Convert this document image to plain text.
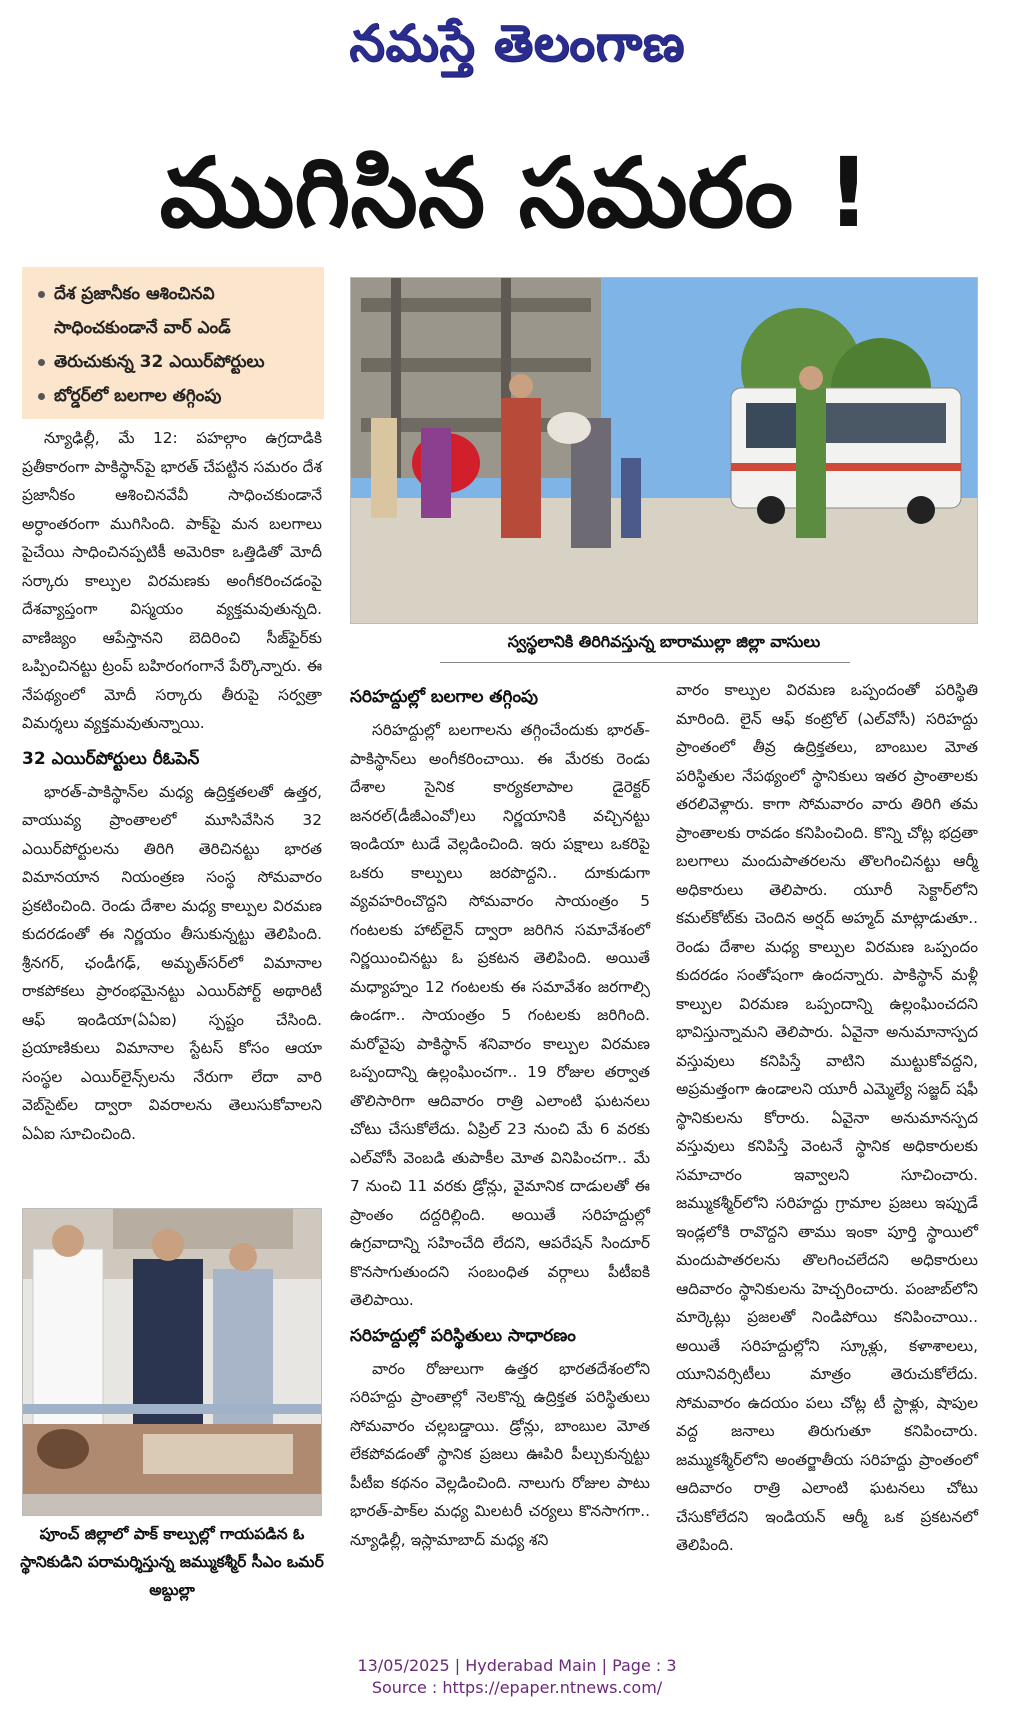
నమస్తే తెలంగాణ
ముగిసిన సమరం !
దేశ ప్రజానీకం ఆశించినవి సాధించకుండానే వార్ ఎండ్
తెరుచుకున్న 32 ఎయిర్‌పోర్టులు
బోర్డర్‌లో బలగాల తగ్గింపు
స్వస్థలానికి తిరిగివస్తున్న బారాముల్లా జిల్లా వాసులు

న్యూఢిల్లీ, మే 12: పహల్గాం ఉగ్రదాడికి ప్రతీకారంగా పాకిస్థాన్‌పై భారత్ చేపట్టిన సమరం దేశ ప్రజానీకం ఆశించినవేవీ సాధించకుండానే అర్ధాంతరంగా ముగిసింది. పాక్‌పై మన బలగాలు పైచేయి సాధించినప్పటికీ అమెరికా ఒత్తిడితో మోదీ సర్కారు కాల్పుల విరమణకు అంగీకరించడంపై దేశవ్యాప్తంగా విస్మయం వ్యక్తమవుతున్నది. వాణిజ్యం ఆపేస్తానని బెదిరించి సీజ్‌ఫైర్‌కు ఒప్పించినట్టు ట్రంప్ బహిరంగంగానే పేర్కొన్నారు. ఈ నేపథ్యంలో మోదీ సర్కారు తీరుపై సర్వత్రా విమర్శలు వ్యక్తమవుతున్నాయి.

32 ఎయిర్‌పోర్టులు రీఓపెన్

భారత్-పాకిస్థాన్‌ల మధ్య ఉద్రిక్తతలతో ఉత్తర, వాయువ్య ప్రాంతాలలో మూసివేసిన 32 ఎయిర్‌పోర్టులను తిరిగి తెరిచినట్టు భారత విమానయాన నియంత్రణ సంస్థ సోమవారం ప్రకటించింది. రెండు దేశాల మధ్య కాల్పుల విరమణ కుదరడంతో ఈ నిర్ణయం తీసుకున్నట్టు తెలిపింది. శ్రీనగర్, ఛండీగఢ్, అమృత్‌సర్‌లో విమానాల రాకపోకలు ప్రారంభమైనట్టు ఎయిర్‌పోర్ట్ అథారిటీ ఆఫ్ ఇండియా(ఏఏఐ) స్పష్టం చేసింది. ప్రయాణికులు విమానాల స్టేటస్ కోసం ఆయా సంస్థల ఎయిర్‌లైన్స్‌లను నేరుగా లేదా వారి వెబ్‌సైట్‌ల ద్వారా వివరాలను తెలుసుకోవాలని ఏఏఐ సూచించింది.

పూంచ్ జిల్లాలో పాక్ కాల్పుల్లో గాయపడిన ఓ స్థానికుడిని పరామర్శిస్తున్న జమ్ముకశ్మీర్ సీఎం ఒమర్ అబ్దుల్లా
సరిహద్దుల్లో బలగాల తగ్గింపు

సరిహద్దుల్లో బలగాలను తగ్గించేందుకు భారత్-పాకిస్థాన్‌లు అంగీకరించాయి. ఈ మేరకు రెండు దేశాల సైనిక కార్యకలాపాల డైరెక్టర్ జనరల్(డీజీఎంవో)లు నిర్ణయానికి వచ్చినట్టు ఇండియా టుడే వెల్లడించింది. ఇరు పక్షాలు ఒకరిపై ఒకరు కాల్పులు జరపొద్దని.. దూకుడుగా వ్యవహరించొద్దని సోమవారం సాయంత్రం 5 గంటలకు హాట్‌లైన్ ద్వారా జరిగిన సమావేశంలో నిర్ణయించినట్టు ఓ ప్రకటన తెలిపింది. అయితే మధ్యాహ్నం 12 గంటలకు ఈ సమావేశం జరగాల్సి ఉండగా.. సాయంత్రం 5 గంటలకు జరిగింది. మరోవైపు పాకిస్థాన్ శనివారం కాల్పుల విరమణ ఒప్పందాన్ని ఉల్లంఘించగా.. 19 రోజుల తర్వాత తొలిసారిగా ఆదివారం రాత్రి ఎలాంటి ఘటనలు చోటు చేసుకోలేదు. ఏప్రిల్ 23 నుంచి మే 6 వరకు ఎల్‌వోసీ వెంబడి తుపాకీల మోత వినిపించగా.. మే 7 నుంచి 11 వరకు డ్రోన్లు, వైమానిక దాడులతో ఈ ప్రాంతం దద్దరిల్లింది. అయితే సరిహద్దుల్లో ఉగ్రవాదాన్ని సహించేది లేదని, ఆపరేషన్ సిందూర్ కొనసాగుతుందని సంబంధిత వర్గాలు పీటీఐకి తెలిపాయి.

సరిహద్దుల్లో పరిస్థితులు సాధారణం

వారం రోజులుగా ఉత్తర భారతదేశంలోని సరిహద్దు ప్రాంతాల్లో నెలకొన్న ఉద్రిక్తత పరిస్థితులు సోమవారం చల్లబడ్డాయి. డ్రోన్లు, బాంబుల మోత లేకపోవడంతో స్థానిక ప్రజలు ఊపిరి పీల్చుకున్నట్టు పీటీఐ కథనం వెల్లడించింది. నాలుగు రోజుల పాటు భారత్-పాక్‌ల మధ్య మిలటరీ చర్యలు కొనసాగగా.. న్యూఢిల్లీ, ఇస్లామాబాద్ మధ్య శని

వారం కాల్పుల విరమణ ఒప్పందంతో పరిస్థితి మారింది. లైన్ ఆఫ్ కంట్రోల్ (ఎల్‌వోసీ) సరిహద్దు ప్రాంతంలో తీవ్ర ఉద్రిక్తతలు, బాంబుల మోత పరిస్థితుల నేపథ్యంలో స్థానికులు ఇతర ప్రాంతాలకు తరలివెళ్లారు. కాగా సోమవారం వారు తిరిగి తమ ప్రాంతాలకు రావడం కనిపించింది. కొన్ని చోట్ల భద్రతా బలగాలు మందుపాతరలను తొలగించినట్టు ఆర్మీ అధికారులు తెలిపారు. యూరీ సెక్టార్‌లోని కమల్‌కోట్‌కు చెందిన అర్షద్ అహ్మద్ మాట్లాడుతూ.. రెండు దేశాల మధ్య కాల్పుల విరమణ ఒప్పందం కుదరడం సంతోషంగా ఉందన్నారు. పాకిస్థాన్ మళ్లీ కాల్పుల విరమణ ఒప్పందాన్ని ఉల్లంఘించదని భావిస్తున్నామని తెలిపారు. ఏవైనా అనుమానాస్పద వస్తువులు కనిపిస్తే వాటిని ముట్టుకోవద్దని, అప్రమత్తంగా ఉండాలని యూరీ ఎమ్మెల్యే సజ్జద్ షఫీ స్థానికులను కోరారు. ఏవైనా అనుమానస్పద వస్తువులు కనిపిస్తే వెంటనే స్థానిక అధికారులకు సమాచారం ఇవ్వాలని సూచించారు. జమ్ముకశ్మీర్‌లోని సరిహద్దు గ్రామాల ప్రజలు ఇప్పుడే ఇండ్లలోకి రావొద్దని తాము ఇంకా పూర్తి స్థాయిలో మందుపాతరలను తొలగించలేదని అధికారులు ఆదివారం స్థానికులను హెచ్చరించారు. పంజాబ్‌లోని మార్కెట్లు ప్రజలతో నిండిపోయి కనిపించాయి.. అయితే సరిహద్దుల్లోని స్కూళ్లు, కళాశాలలు, యూనివర్సిటీలు మాత్రం తెరుచుకోలేదు. సోమవారం ఉదయం పలు చోట్ల టీ స్టాళ్లు, షాపుల వద్ద జనాలు తిరుగుతూ కనిపించారు. జమ్ముకశ్మీర్‌లోని అంతర్జాతీయ సరిహద్దు ప్రాంతంలో ఆదివారం రాత్రి ఎలాంటి ఘటనలు చోటు చేసుకోలేదని ఇండియన్ ఆర్మీ ఒక ప్రకటనలో తెలిపింది.

13/05/2025 | Hyderabad Main | Page : 3
Source : https://epaper.ntnews.com/
